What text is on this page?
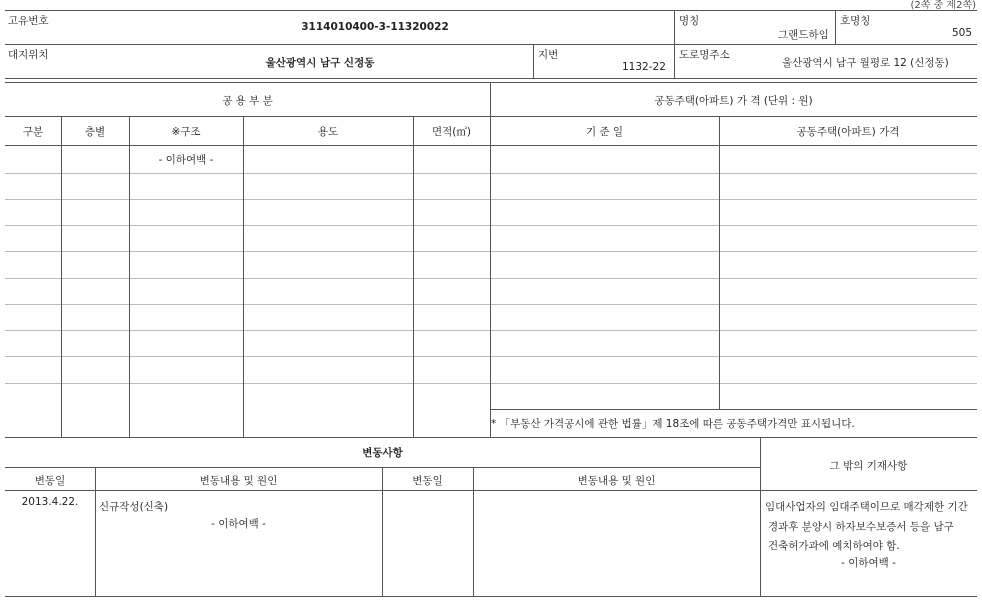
(2쪽 중 제2쪽)
고유번호	3114010400-3-11320022	명칭
그랜드하임
호명칭
505
대지위치
울산광역시 남구 신정동
지번
1132-22
도로명주소
울산광역시 남구 월평로 12 (신정동)
공 용 부 분	공동주택(아파트) 가 격 (단위 : 원)
구분	층별	※구조	용도	면적(㎡)	기 준 일	공동주택(아파트) 가격
- 이하여백 -
* 「부동산 가격공시에 관한 법률」제 18조에 따른 공동주택가격만 표시됩니다.
변동사항
그 밖의 기재사항
변동일	변동내용 및 원인	변동일	변동내용 및 원인
2013.4.22.	신규작성(신축)
- 이하여백 -
임대사업자의 임대주택이므로 매각제한 기간
경과후 분양시 하자보수보증서 등을 남구
건축허가과에 예치하여야 함.
- 이하여백 -
